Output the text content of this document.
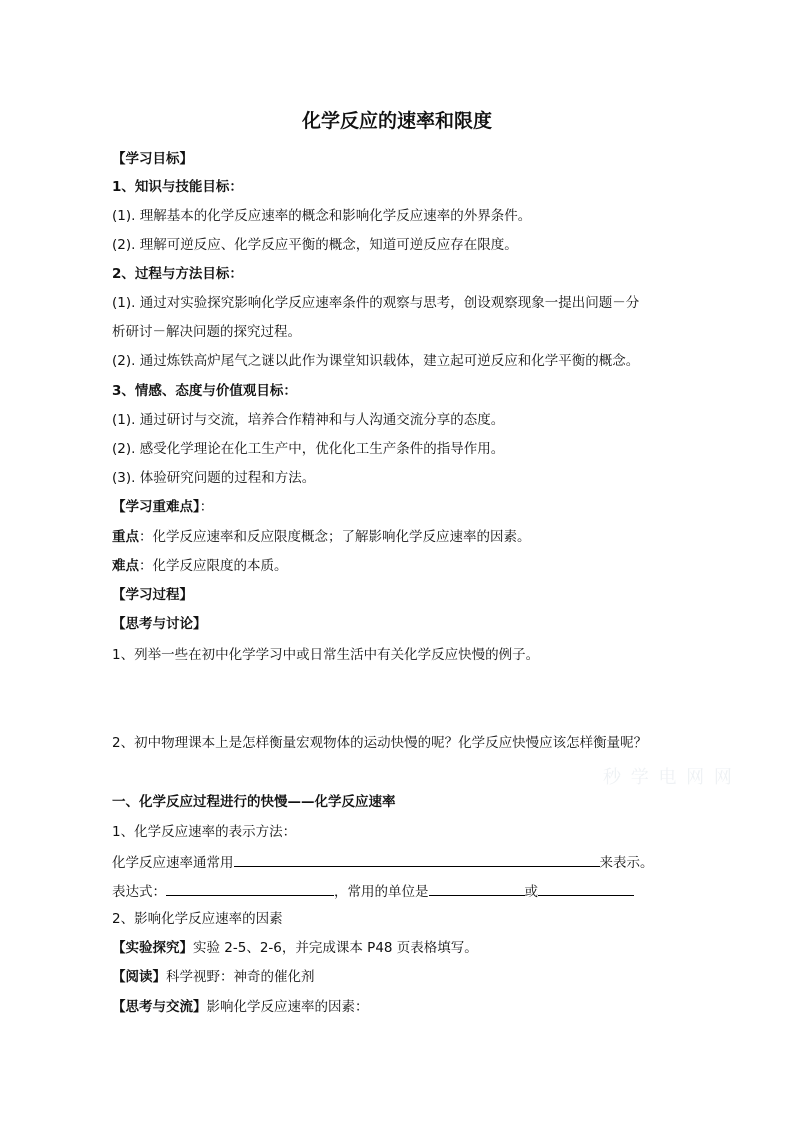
化学反应的速率和限度
【学习目标】
1、知识与技能目标：
(1). 理解基本的化学反应速率的概念和影响化学反应速率的外界条件。
(2). 理解可逆反应、化学反应平衡的概念，知道可逆反应存在限度。
2、过程与方法目标：
(1). 通过对实验探究影响化学反应速率条件的观察与思考，创设观察现象一提出问题－分
析研讨－解决问题的探究过程。
(2). 通过炼铁高炉尾气之谜以此作为课堂知识载体，建立起可逆反应和化学平衡的概念。
3、情感、态度与价值观目标：
(1). 通过研讨与交流，培养合作精神和与人沟通交流分享的态度。
(2). 感受化学理论在化工生产中，优化化工生产条件的指导作用。
(3). 体验研究问题的过程和方法。
【学习重难点】：
重点：化学反应速率和反应限度概念；了解影响化学反应速率的因素。
难点：化学反应限度的本质。
【学习过程】
【思考与讨论】
1、列举一些在初中化学学习中或日常生活中有关化学反应快慢的例子。
2、初中物理课本上是怎样衡量宏观物体的运动快慢的呢？化学反应快慢应该怎样衡量呢？
秒 学 电 网 网
一、化学反应过程进行的快慢——化学反应速率
1、化学反应速率的表示方法：
化学反应速率通常用	来表示。
表达式：	，常用的单位是	或
2、影响化学反应速率的因素
【实验探究】实验 2-5、2-6，并完成课本 P48 页表格填写。
【阅读】科学视野：神奇的催化剂
【思考与交流】影响化学反应速率的因素：
